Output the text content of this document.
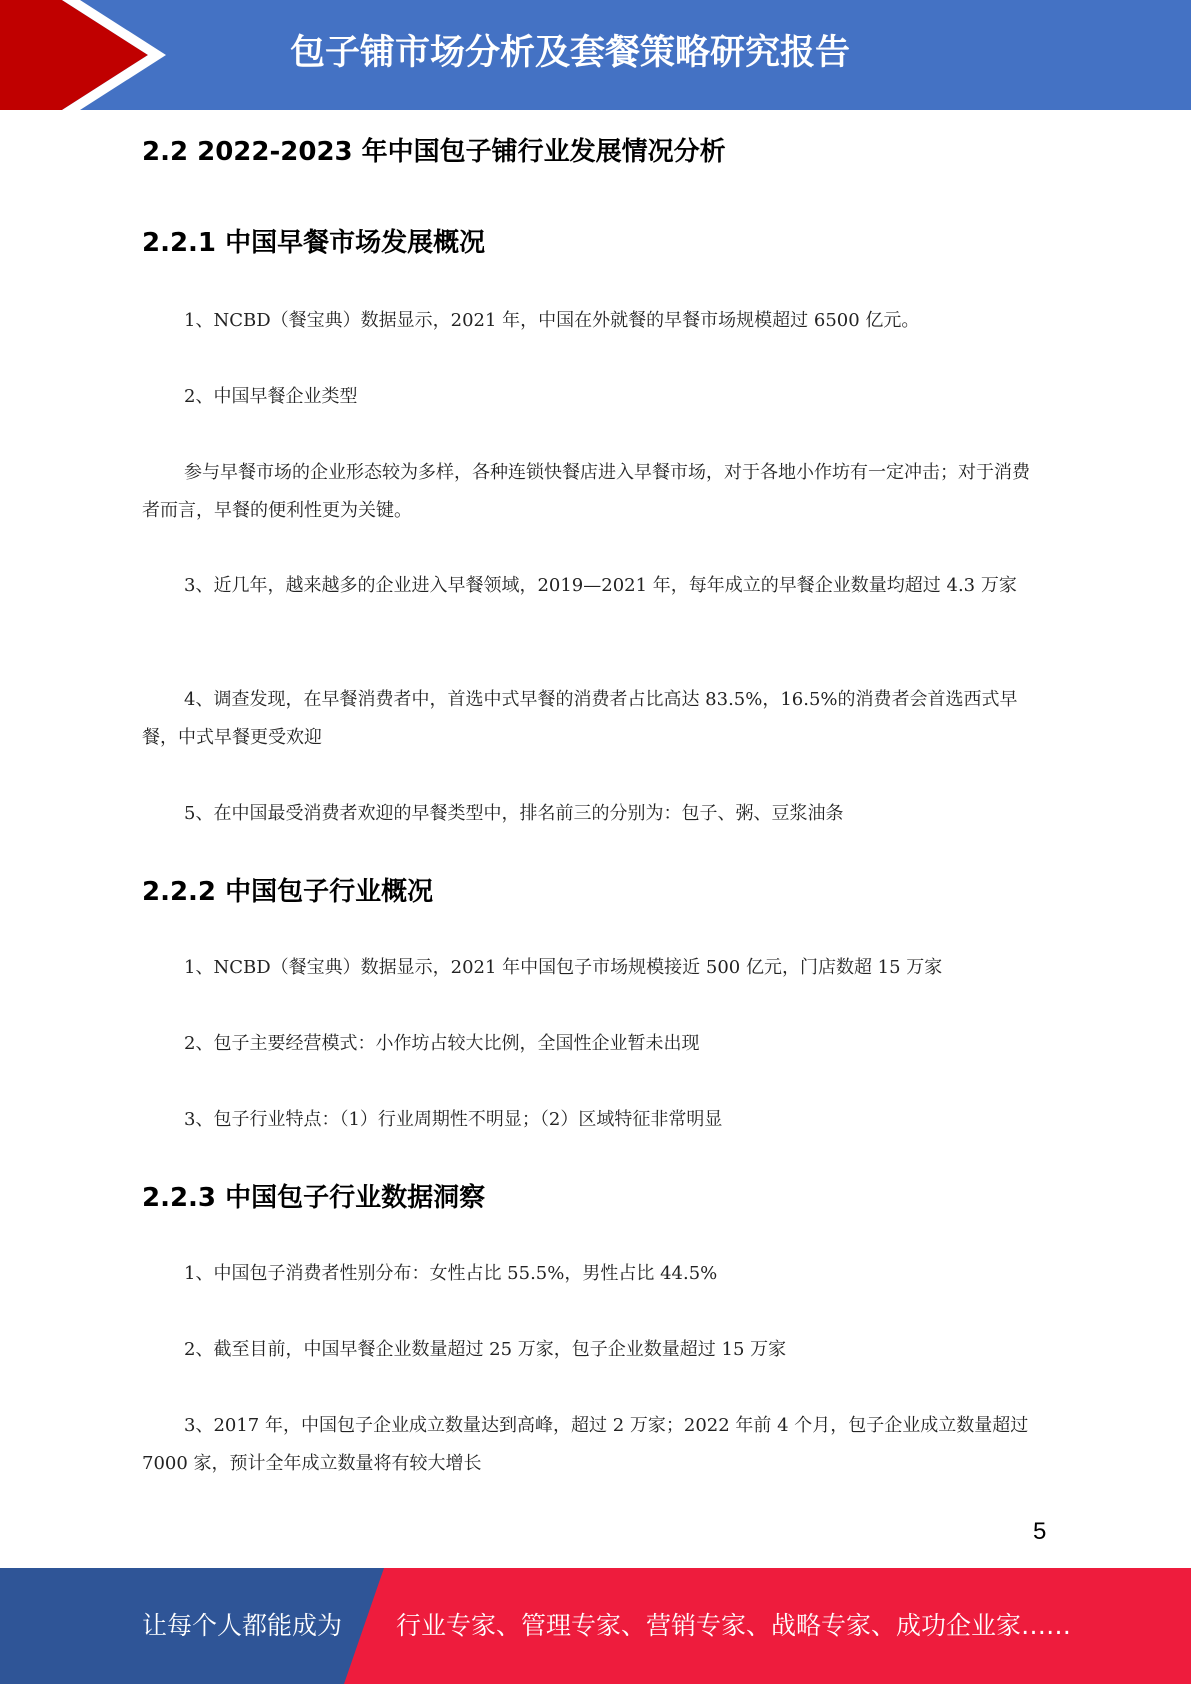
包子铺市场分析及套餐策略研究报告
2.2 2022-2023 年中国包子铺行业发展情况分析
2.2.1 中国早餐市场发展概况

1、NCBD（餐宝典）数据显示，2021 年，中国在外就餐的早餐市场规模超过 6500 亿元。

2、中国早餐企业类型

参与早餐市场的企业形态较为多样，各种连锁快餐店进入早餐市场，对于各地小作坊有一定冲击；对于消费者而言，早餐的便利性更为关键。

3、近几年，越来越多的企业进入早餐领域，2019—2021 年，每年成立的早餐企业数量均超过 4.3 万家

4、调查发现，在早餐消费者中，首选中式早餐的消费者占比高达 83.5%，16.5%的消费者会首选西式早餐，中式早餐更受欢迎

5、在中国最受消费者欢迎的早餐类型中，排名前三的分别为：包子、粥、豆浆油条

2.2.2 中国包子行业概况

1、NCBD（餐宝典）数据显示，2021 年中国包子市场规模接近 500 亿元，门店数超 15 万家

2、包子主要经营模式：小作坊占较大比例，全国性企业暂未出现

3、包子行业特点：（1）行业周期性不明显；（2）区域特征非常明显

2.2.3 中国包子行业数据洞察

1、中国包子消费者性别分布：女性占比 55.5%，男性占比 44.5%

2、截至目前，中国早餐企业数量超过 25 万家，包子企业数量超过 15 万家

3、2017 年，中国包子企业成立数量达到高峰，超过 2 万家；2022 年前 4 个月，包子企业成立数量超过 7000 家，预计全年成立数量将有较大增长

5
让每个人都能成为 行业专家、管理专家、营销专家、战略专家、成功企业家……
